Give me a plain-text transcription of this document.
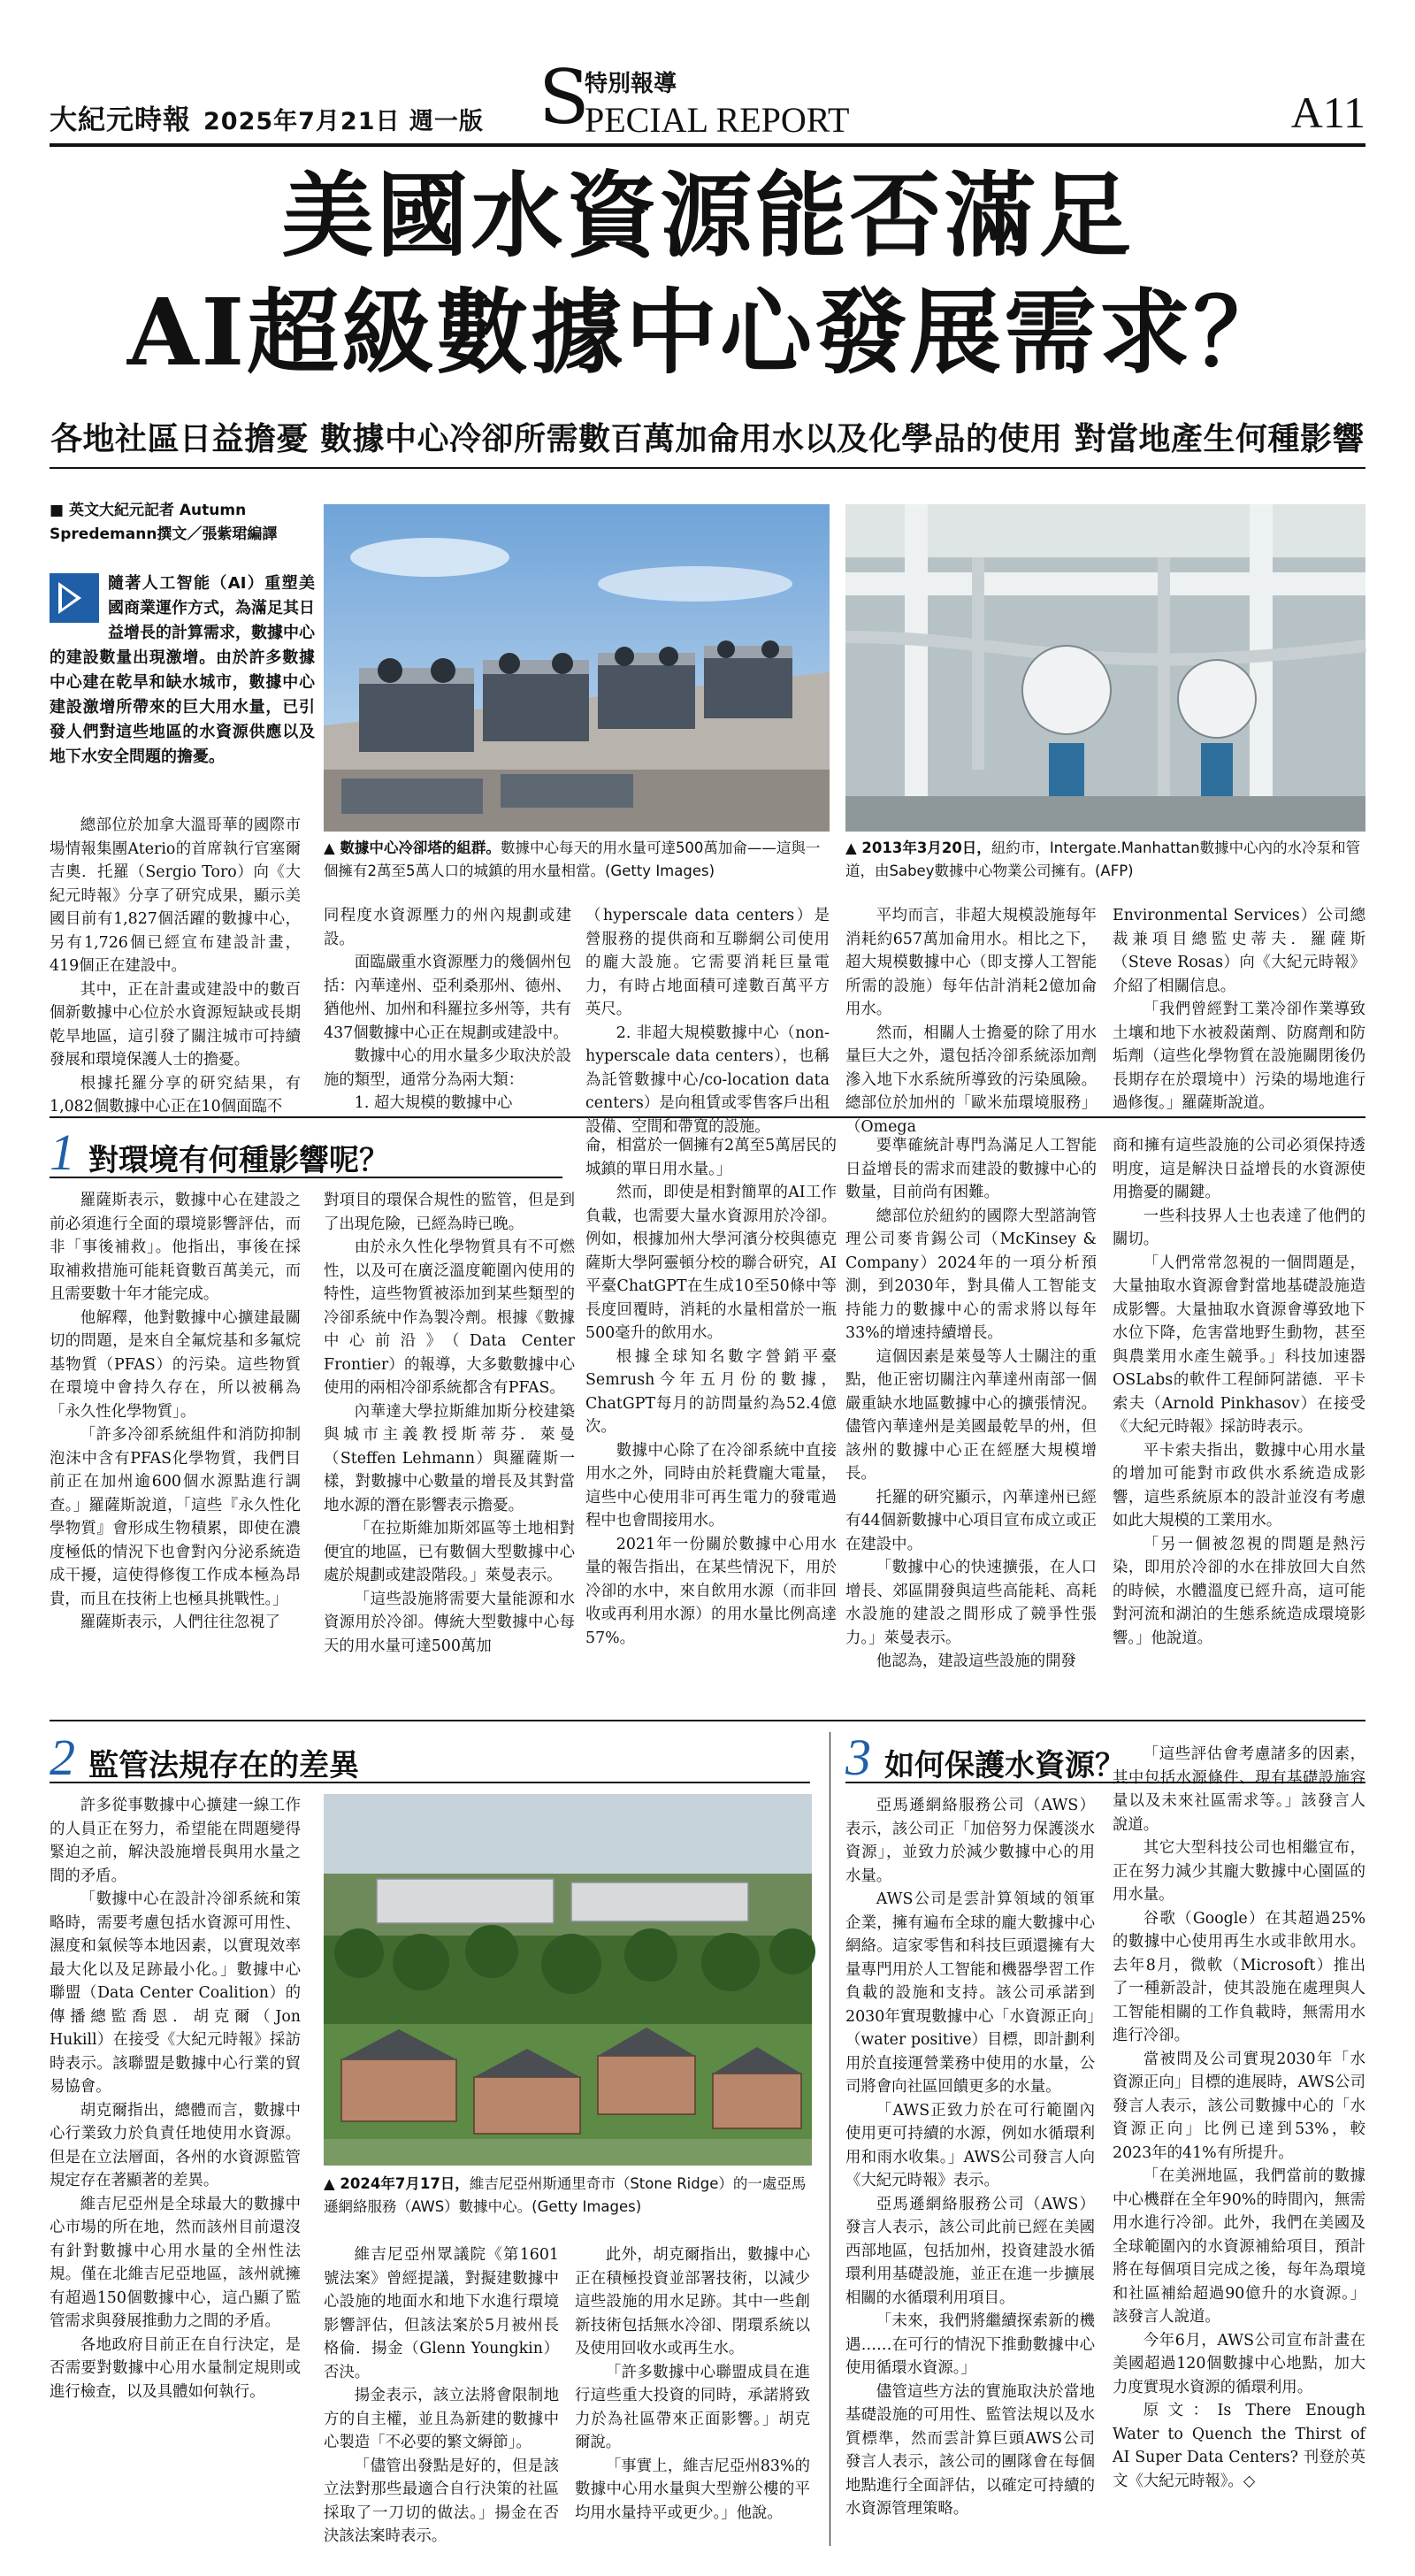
大紀元時報 2025年7月21日 週一版 S
特別報導
PECIAL REPORT	A11
美國水資源能否滿足
AI超級數據中心發展需求？
各地社區日益擔憂 數據中心冷卻所需數百萬加侖用水以及化學品的使用 對當地產生何種影響
■ 英文大紀元記者 Autumn
Spredemann撰文／張紫珺編譯
隨著人工智能（AI）重塑美國商業運作方式，為滿足其日益增長的計算需求，數據中心的建設數量出現激增。由於許多數據中心建在乾旱和缺水城市，數據中心建設激增所帶來的巨大用水量，已引發人們對這些地區的水資源供應以及地下水安全問題的擔憂。
▲ 數據中心冷卻塔的組群。數據中心每天的用水量可達500萬加侖——這與一個擁有2萬至5萬人口的城鎮的用水量相當。(Getty Images)
▲ 2013年3月20日，紐約市，Intergate.Manhattan數據中心內的水冷泵和管道，由Sabey數據中心物業公司擁有。(AFP)

總部位於加拿大溫哥華的國際市場情報集團Aterio的首席執行官塞爾吉奧．托羅（Sergio Toro）向《大紀元時報》分享了研究成果，顯示美國目前有1,827個活躍的數據中心，另有1,726個已經宣布建設計畫，419個正在建設中。

其中，正在計畫或建設中的數百個新數據中心位於水資源短缺或長期乾旱地區，這引發了關注城市可持續發展和環境保護人士的擔憂。

根據托羅分享的研究結果，有1,082個數據中心正在10個面臨不

同程度水資源壓力的州內規劃或建設。

面臨嚴重水資源壓力的幾個州包括：內華達州、亞利桑那州、德州、猶他州、加州和科羅拉多州等，共有437個數據中心正在規劃或建設中。

數據中心的用水量多少取決於設施的類型，通常分為兩大類：

1. 超大規模的數據中心

（hyperscale data centers）是營服務的提供商和互聯網公司使用的龐大設施。它需要消耗巨量電力，有時占地面積可達數百萬平方英尺。

2. 非超大規模數據中心（non-hyperscale data centers），也稱為託管數據中心/co-location data centers）是向租賃或零售客戶出租設備、空間和帶寬的設施。

平均而言，非超大規模設施每年消耗約657萬加侖用水。相比之下，超大規模數據中心（即支撐人工智能所需的設施）每年估計消耗2億加侖用水。

然而，相關人士擔憂的除了用水量巨大之外，還包括冷卻系統添加劑滲入地下水系統所導致的污染風險。總部位於加州的「歐米茄環境服務」（Omega

Environmental Services）公司總裁兼項目總監史蒂夫．羅薩斯（Steve Rosas）向《大紀元時報》介紹了相關信息。

「我們曾經對工業冷卻作業導致土壤和地下水被殺菌劑、防腐劑和防垢劑（這些化學物質在設施關閉後仍長期存在於環境中）污染的場地進行過修復。」羅薩斯說道。

1 對環境有何種影響呢？

羅薩斯表示，數據中心在建設之前必須進行全面的環境影響評估，而非「事後補救」。他指出，事後在採取補救措施可能耗資數百萬美元，而且需要數十年才能完成。

他解釋，他對數據中心擴建最關切的問題，是來自全氟烷基和多氟烷基物質（PFAS）的污染。這些物質在環境中會持久存在，所以被稱為「永久性化學物質」。

「許多冷卻系統組件和消防抑制泡沫中含有PFAS化學物質，我們目前正在加州逾600個水源點進行調查。」羅薩斯說道，「這些『永久性化學物質』會形成生物積累，即使在濃度極低的情況下也會對內分泌系統造成干擾，這使得修復工作成本極為昂貴，而且在技術上也極具挑戰性。」

羅薩斯表示，人們往往忽視了

對項目的環保合規性的監管，但是到了出現危險，已經為時已晚。

由於永久性化學物質具有不可燃性，以及可在廣泛溫度範圍內使用的特性，這些物質被添加到某些類型的冷卻系統中作為製冷劑。根據《數據中心前沿》（Data Center Frontier）的報導，大多數數據中心使用的兩相冷卻系統都含有PFAS。

內華達大學拉斯維加斯分校建築與城市主義教授斯蒂芬．萊曼（Steffen Lehmann）與羅薩斯一樣，對數據中心數量的增長及其對當地水源的潛在影響表示擔憂。

「在拉斯維加斯郊區等土地相對便宜的地區，已有數個大型數據中心處於規劃或建設階段。」萊曼表示。

「這些設施將需要大量能源和水資源用於冷卻。傳統大型數據中心每天的用水量可達500萬加

侖，相當於一個擁有2萬至5萬居民的城鎮的單日用水量。」

然而，即使是相對簡單的AI工作負載，也需要大量水資源用於冷卻。例如，根據加州大學河濱分校與德克薩斯大學阿靈頓分校的聯合研究，AI平臺ChatGPT在生成10至50條中等長度回覆時，消耗的水量相當於一瓶500毫升的飲用水。

根據全球知名數字營銷平臺Semrush今年五月份的數據，ChatGPT每月的訪問量約為52.4億次。

數據中心除了在冷卻系統中直接用水之外，同時由於耗費龐大電量，這些中心使用非可再生電力的發電過程中也會間接用水。

2021年一份關於數據中心用水量的報告指出，在某些情況下，用於冷卻的水中，來自飲用水源（而非回收或再利用水源）的用水量比例高達57%。

要準確統計專門為滿足人工智能日益增長的需求而建設的數據中心的數量，目前尚有困難。

總部位於紐約的國際大型諮詢管理公司麥肯錫公司（McKinsey & Company）2024年的一項分析預測，到2030年，對具備人工智能支持能力的數據中心的需求將以每年33%的增速持續增長。

這個因素是萊曼等人士關注的重點，他正密切關注內華達州南部一個嚴重缺水地區數據中心的擴張情況。儘管內華達州是美國最乾旱的州，但該州的數據中心正在經歷大規模增長。

托羅的研究顯示，內華達州已經有44個新數據中心項目宣布成立或正在建設中。

「數據中心的快速擴張，在人口增長、郊區開發與這些高能耗、高耗水設施的建設之間形成了競爭性張力。」萊曼表示。

他認為，建設這些設施的開發

商和擁有這些設施的公司必須保持透明度，這是解決日益增長的水資源使用擔憂的關鍵。

一些科技界人士也表達了他們的關切。

「人們常常忽視的一個問題是，大量抽取水資源會對當地基礎設施造成影響。大量抽取水資源會導致地下水位下降，危害當地野生動物，甚至與農業用水產生競爭。」科技加速器OSLabs的軟件工程師阿諾德．平卡索夫（Arnold Pinkhasov）在接受《大紀元時報》採訪時表示。

平卡索夫指出，數據中心用水量的增加可能對市政供水系統造成影響，這些系統原本的設計並沒有考慮如此大規模的工業用水。

「另一個被忽視的問題是熱污染，即用於冷卻的水在排放回大自然的時候，水體溫度已經升高，這可能對河流和湖泊的生態系統造成環境影響。」他說道。

2 監管法規存在的差異

許多從事數據中心擴建一線工作的人員正在努力，希望能在問題變得緊迫之前，解決設施增長與用水量之間的矛盾。

「數據中心在設計冷卻系統和策略時，需要考慮包括水資源可用性、濕度和氣候等本地因素，以實現效率最大化以及足跡最小化。」數據中心聯盟（Data Center Coalition）的傳播總監喬恩．胡克爾（Jon Hukill）在接受《大紀元時報》採訪時表示。該聯盟是數據中心行業的貿易協會。

胡克爾指出，總體而言，數據中心行業致力於負責任地使用水資源。但是在立法層面，各州的水資源監管規定存在著顯著的差異。

維吉尼亞州是全球最大的數據中心市場的所在地，然而該州目前還沒有針對數據中心用水量的全州性法規。僅在北維吉尼亞地區，該州就擁有超過150個數據中心，這凸顯了監管需求與發展推動力之間的矛盾。

各地政府目前正在自行決定，是否需要對數據中心用水量制定規則或進行檢查，以及具體如何執行。

▲ 2024年7月17日，維吉尼亞州斯通里奇市（Stone Ridge）的一處亞馬遜網絡服務（AWS）數據中心。(Getty Images)

維吉尼亞州眾議院《第1601號法案》曾經提議，對擬建數據中心設施的地面水和地下水進行環境影響評估，但該法案於5月被州長格倫．揚金（Glenn Youngkin）否決。

揚金表示，該立法將會限制地方的自主權，並且為新建的數據中心製造「不必要的繁文縟節」。

「儘管出發點是好的，但是該立法對那些最適合自行決策的社區採取了一刀切的做法。」揚金在否決該法案時表示。

此外，胡克爾指出，數據中心正在積極投資並部署技術，以減少這些設施的用水足跡。其中一些創新技術包括無水冷卻、閉環系統以及使用回收水或再生水。

「許多數據中心聯盟成員在進行這些重大投資的同時，承諾將致力於為社區帶來正面影響。」胡克爾說。

「事實上，維吉尼亞州83%的數據中心用水量與大型辦公樓的平均用水量持平或更少。」他說。

3 如何保護水資源？

亞馬遜網絡服務公司（AWS）表示，該公司正「加倍努力保護淡水資源」，並致力於減少數據中心的用水量。

AWS公司是雲計算領域的領軍企業，擁有遍布全球的龐大數據中心網絡。這家零售和科技巨頭還擁有大量專門用於人工智能和機器學習工作負載的設施和支持。該公司承諾到2030年實現數據中心「水資源正向」（water positive）目標，即計劃利用於直接運營業務中使用的水量，公司將會向社區回饋更多的水量。

「AWS正致力於在可行範圍內使用更可持續的水源，例如水循環利用和雨水收集。」AWS公司發言人向《大紀元時報》表示。

亞馬遜網絡服務公司（AWS）發言人表示，該公司此前已經在美國西部地區，包括加州，投資建設水循環利用基礎設施，並正在進一步擴展相關的水循環利用項目。

「未來，我們將繼續探索新的機遇……在可行的情況下推動數據中心使用循環水資源。」

儘管這些方法的實施取決於當地基礎設施的可用性、監管法規以及水質標準，然而雲計算巨頭AWS公司發言人表示，該公司的團隊會在每個地點進行全面評估，以確定可持續的水資源管理策略。

「這些評估會考慮諸多的因素，其中包括水源條件、現有基礎設施容量以及未來社區需求等。」該發言人說道。

其它大型科技公司也相繼宣布，正在努力減少其龐大數據中心園區的用水量。

谷歌（Google）在其超過25%的數據中心使用再生水或非飲用水。去年8月，微軟（Microsoft）推出了一種新設計，使其設施在處理與人工智能相關的工作負載時，無需用水進行冷卻。

當被問及公司實現2030年「水資源正向」目標的進展時，AWS公司發言人表示，該公司數據中心的「水資源正向」比例已達到53%，較2023年的41%有所提升。

「在美洲地區，我們當前的數據中心機群在全年90%的時間內，無需用水進行冷卻。此外，我們在美國及全球範圍內的水資源補給項目，預計將在每個項目完成之後，每年為環境和社區補給超過90億升的水資源。」該發言人說道。

今年6月，AWS公司宣布計畫在美國超過120個數據中心地點，加大力度實現水資源的循環利用。

原文：Is There Enough Water to Quench the Thirst of AI Super Data Centers? 刊登於英文《大紀元時報》。◇
